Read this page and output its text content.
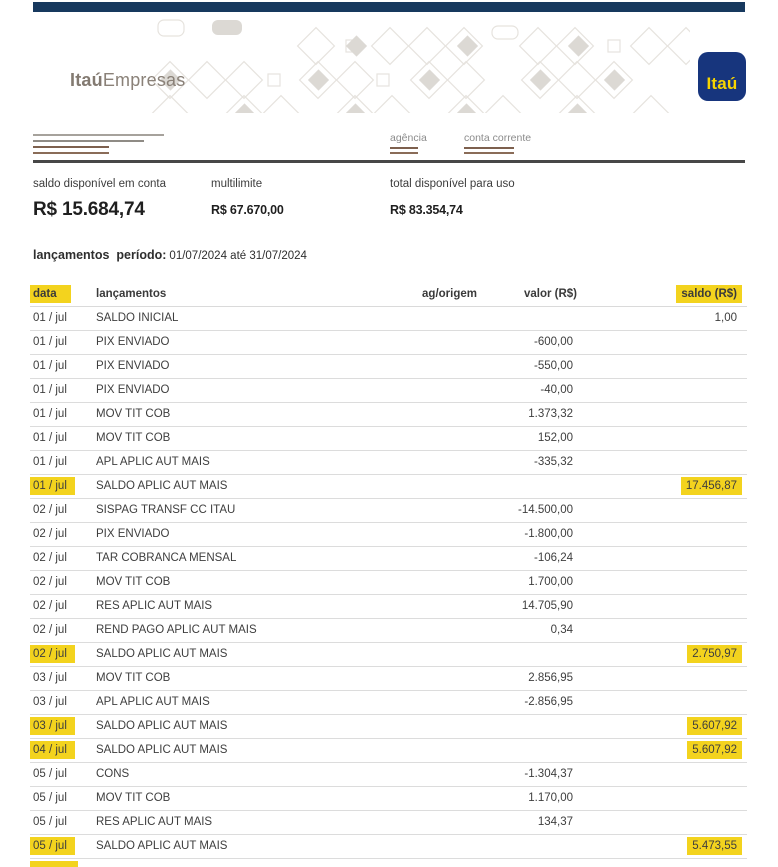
ItaúEmpresas	Itaú
agência	conta corrente
saldo disponível em conta
R$ 15.684,74
multilimite
R$ 67.670,00
total disponível para uso
R$ 83.354,74
lançamentos período: 01/07/2024 até 31/07/2024
data	lançamentos	ag/origem	valor (R$)	saldo (R$)
01 / jul	SALDO INICIAL			1,00
01 / jul	PIX ENVIADO		-600,00	
01 / jul	PIX ENVIADO		-550,00	
01 / jul	PIX ENVIADO		-40,00	
01 / jul	MOV TIT COB		1.373,32	
01 / jul	MOV TIT COB		152,00	
01 / jul	APL APLIC AUT MAIS		-335,32	
01 / jul	SALDO APLIC AUT MAIS			17.456,87
02 / jul	SISPAG TRANSF CC ITAU		-14.500,00	
02 / jul	PIX ENVIADO		-1.800,00	
02 / jul	TAR COBRANCA MENSAL		-106,24	
02 / jul	MOV TIT COB		1.700,00	
02 / jul	RES APLIC AUT MAIS		14.705,90	
02 / jul	REND PAGO APLIC AUT MAIS		0,34	
02 / jul	SALDO APLIC AUT MAIS			2.750,97
03 / jul	MOV TIT COB		2.856,95	
03 / jul	APL APLIC AUT MAIS		-2.856,95	
03 / jul	SALDO APLIC AUT MAIS			5.607,92
04 / jul	SALDO APLIC AUT MAIS			5.607,92
05 / jul	CONS		-1.304,37	
05 / jul	MOV TIT COB		1.170,00	
05 / jul	RES APLIC AUT MAIS		134,37	
05 / jul	SALDO APLIC AUT MAIS			5.473,55
